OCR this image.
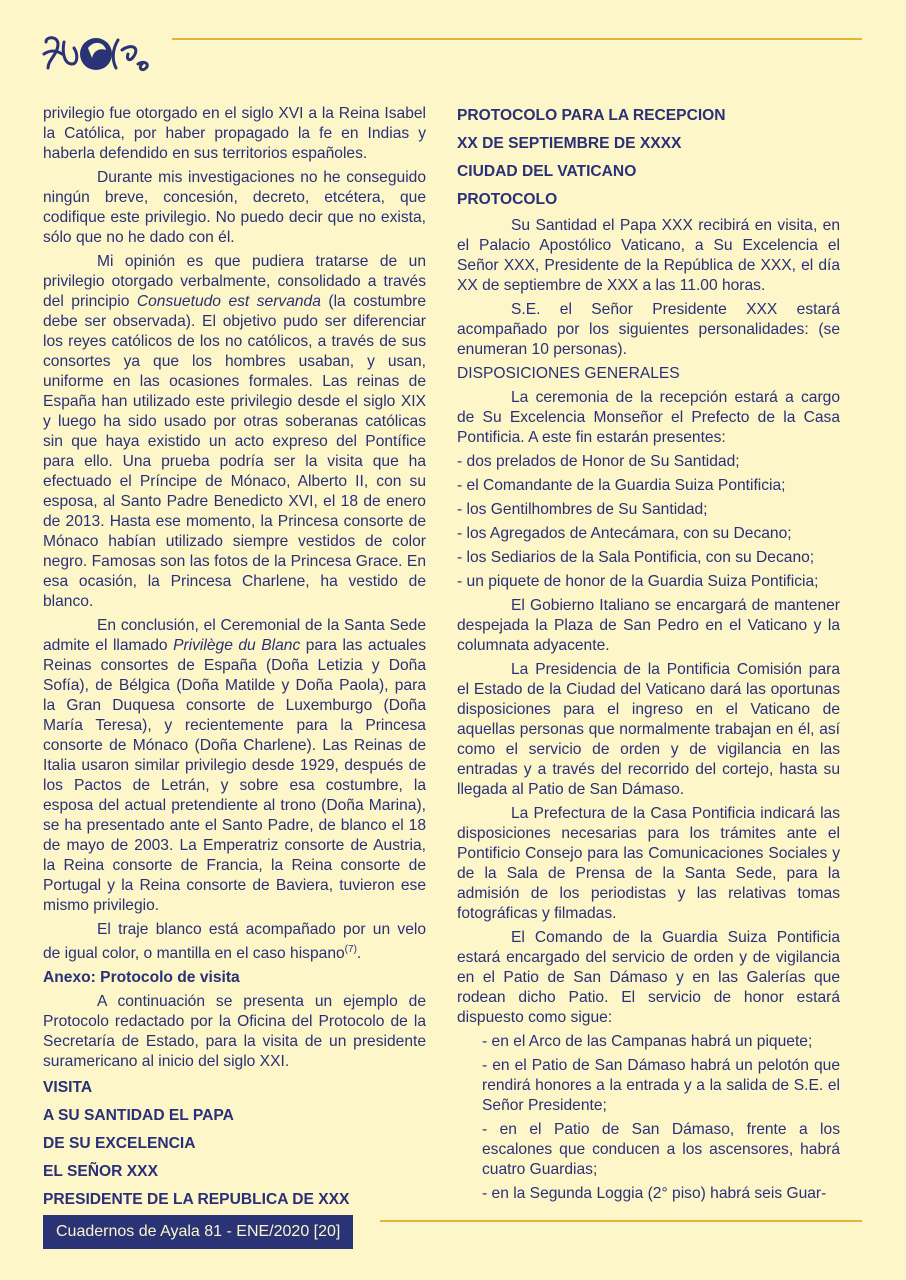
privilegio fue otorgado en el siglo XVI a la Reina Isabel la Católica, por haber propagado la fe en Indias y haberla defendido en sus territorios españoles.

Durante mis investigaciones no he conseguido ningún breve, concesión, decreto, etcétera, que codifique este privilegio. No puedo decir que no exista, sólo que no he dado con él.

Mi opinión es que pudiera tratarse de un privilegio otorgado verbalmente, consolidado a través del principio Consuetudo est servanda (la costumbre debe ser observada). El objetivo pudo ser diferenciar los reyes católicos de los no católicos, a través de sus consortes ya que los hombres usaban, y usan, uniforme en las ocasiones formales. Las reinas de España han utilizado este privilegio desde el siglo XIX y luego ha sido usado por otras soberanas católicas sin que haya existido un acto expreso del Pontífice para ello. Una prueba podría ser la visita que ha efectuado el Príncipe de Mónaco, Alberto II, con su esposa, al Santo Padre Benedicto XVI, el 18 de enero de 2013. Hasta ese momento, la Princesa consorte de Mónaco habían utilizado siempre vestidos de color negro. Famosas son las fotos de la Princesa Grace. En esa ocasión, la Princesa Charlene, ha vestido de blanco.

En conclusión, el Ceremonial de la Santa Sede admite el llamado Privilège du Blanc para las actuales Reinas consortes de España (Doña Letizia y Doña Sofía), de Bélgica (Doña Matilde y Doña Paola), para la Gran Duquesa consorte de Luxemburgo (Doña María Teresa), y recientemente para la Princesa consorte de Mónaco (Doña Charlene). Las Reinas de Italia usaron similar privilegio desde 1929, después de los Pactos de Letrán, y sobre esa costumbre, la esposa del actual pretendiente al trono (Doña Marina), se ha presentado ante el Santo Padre, de blanco el 18 de mayo de 2003. La Emperatriz consorte de Austria, la Reina consorte de Francia, la Reina consorte de Portugal y la Reina consorte de Baviera, tuvieron ese mismo privilegio.

El traje blanco está acompañado por un velo de igual color, o mantilla en el caso hispano$^{(7)}$.

Anexo: Protocolo de visita

A continuación se presenta un ejemplo de Protocolo redactado por la Oficina del Protocolo de la Secretaría de Estado, para la visita de un presidente suramericano al inicio del siglo XXI.

VISITA

A SU SANTIDAD EL PAPA

DE SU EXCELENCIA

EL SEÑOR XXX

PRESIDENTE DE LA REPUBLICA DE XXX

PROTOCOLO PARA LA RECEPCION

XX DE SEPTIEMBRE DE XXXX

CIUDAD DEL VATICANO

PROTOCOLO

Su Santidad el Papa XXX recibirá en visita, en el Palacio Apostólico Vaticano, a Su Excelencia el Señor XXX, Presidente de la República de XXX, el día XX de septiembre de XXX a las 11.00 horas.

S.E. el Señor Presidente XXX estará acompañado por los siguientes personalidades: (se enumeran 10 personas).

DISPOSICIONES GENERALES

La ceremonia de la recepción estará a cargo de Su Excelencia Monseñor el Prefecto de la Casa Pontificia. A este fin estarán presentes:

- dos prelados de Honor de Su Santidad;

- el Comandante de la Guardia Suiza Pontificia;

- los Gentilhombres de Su Santidad;

- los Agregados de Antecámara, con su Decano;

- los Sediarios de la Sala Pontificia, con su Decano;

- un piquete de honor de la Guardia Suiza Pontificia;

El Gobierno Italiano se encargará de mantener despejada la Plaza de San Pedro en el Vaticano y la columnata adyacente.

La Presidencia de la Pontificia Comisión para el Estado de la Ciudad del Vaticano dará las oportunas disposiciones para el ingreso en el Vaticano de aquellas personas que normalmente trabajan en él, así como el servicio de orden y de vigilancia en las entradas y a través del recorrido del cortejo, hasta su llegada al Patio de San Dámaso.

La Prefectura de la Casa Pontificia indicará las disposiciones necesarias para los trámites ante el Pontificio Consejo para las Comunicaciones Sociales y de la Sala de Prensa de la Santa Sede, para la admisión de los periodistas y las relativas tomas fotográficas y filmadas.

El Comando de la Guardia Suiza Pontificia estará encargado del servicio de orden y de vigilancia en el Patio de San Dámaso y en las Galerías que rodean dicho Patio. El servicio de honor estará dispuesto como sigue:

- en el Arco de las Campanas habrá un piquete;

- en el Patio de San Dámaso habrá un pelotón que rendirá honores a la entrada y a la salida de S.E. el Señor Presidente;

- en el Patio de San Dámaso, frente a los escalones que conducen a los ascensores, habrá cuatro Guardias;

- en la Segunda Loggia (2° piso) habrá seis Guar-

Cuadernos de Ayala 81 - ENE/2020 [20]
